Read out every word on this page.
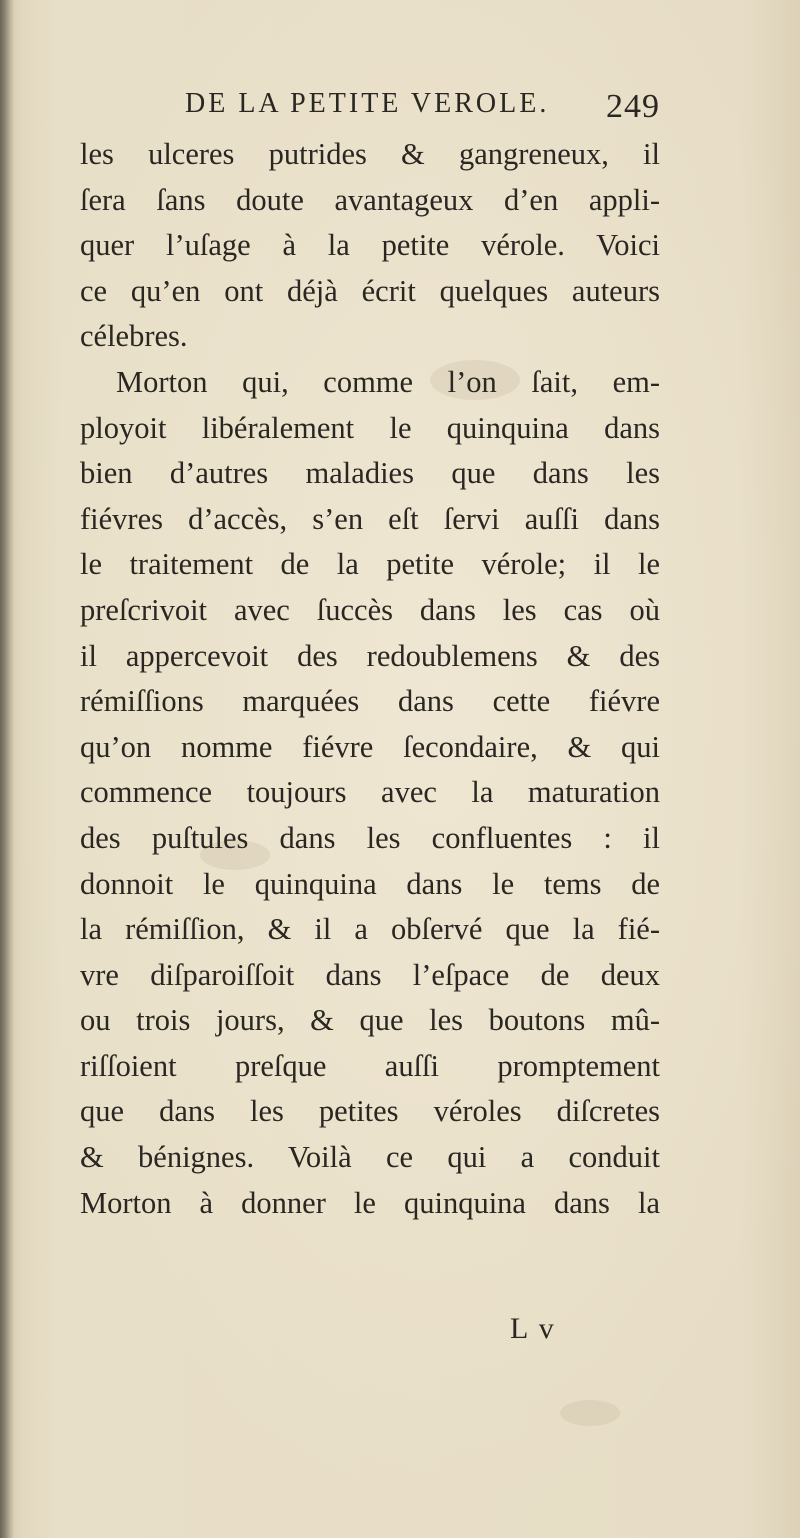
DE LA PETITE VEROLE. 249
les ulceres putrides & gangreneux, il
ſera ſans doute avantageux d’en appli-
quer l’uſage à la petite vérole. Voici
ce qu’en ont déjà écrit quelques auteurs
célebres.
Morton qui, comme l’on ſait, em-
ployoit libéralement le quinquina dans
bien d’autres maladies que dans les
fiévres d’accès, s’en eſt ſervi auſſi dans
le traitement de la petite vérole; il le
preſcrivoit avec ſuccès dans les cas où
il appercevoit des redoublemens & des
rémiſſions marquées dans cette fiévre
qu’on nomme fiévre ſecondaire, & qui
commence toujours avec la maturation
des puſtules dans les confluentes : il
donnoit le quinquina dans le tems de
la rémiſſion, & il a obſervé que la fié-
vre diſparoiſſoit dans l’eſpace de deux
ou trois jours, & que les boutons mû-
riſſoient preſque auſſi promptement
que dans les petites véroles diſcretes
& bénignes. Voilà ce qui a conduit
Morton à donner le quinquina dans la
L v
